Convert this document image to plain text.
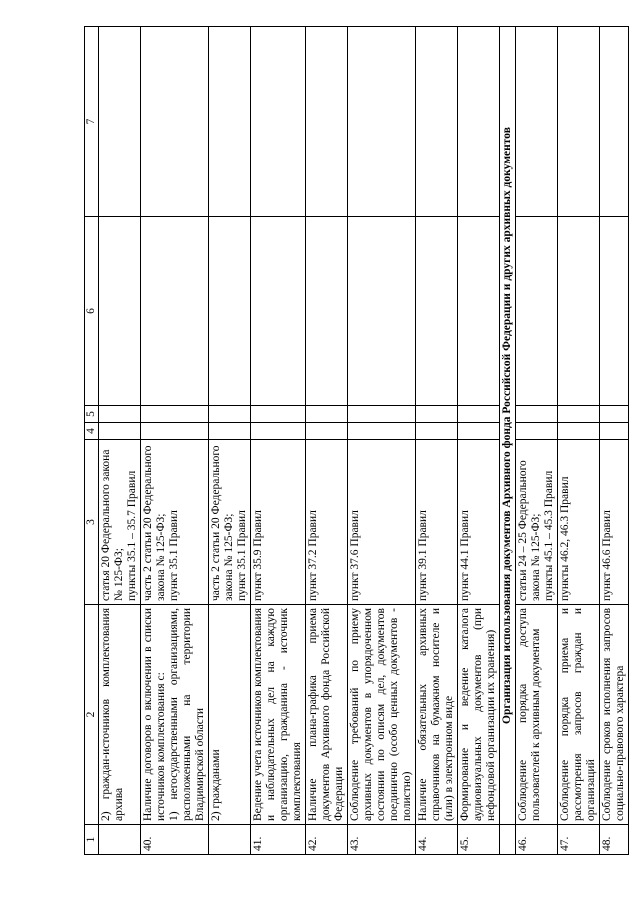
1	2	3	4	5	6	7

	2) граждан-источников комплектования архива	статья 20 Федерального закона № 125-ФЗ; пункты 35.1 – 35.7 Правил				

40.	Наличие договоров о включении в списки источников комплектования с: 1) негосударственными организациями, расположенными на территории Владимирской области	часть 2 статьи 20 Федерального закона № 125-ФЗ; пункт 35.1 Правил				

	2) гражданами	часть 2 статьи 20 Федерального закона № 125-ФЗ; пункт 35.1 Правил				

41.	Ведение учета источников комплектования и наблюдательных дел на каждую организацию, гражданина - источник комплектования	пункт 35.9 Правил				

42.	Наличие плана-графика приема документов Архивного фонда Российской Федерации	пункт 37.2 Правил				

43.	Соблюдение требований по приему архивных документов в упорядоченном состоянии по описям дел, документов поединично (особо ценных документов - полистно)	пункт 37.6 Правил				

44.	Наличие обязательных архивных справочников на бумажном носителе и (или) в электронном виде	пункт 39.1 Правил				

45.	Формирование и ведение каталога аудиовизуальных документов (при нефондовой организации их хранения)	пункт 44.1 Правил				

	Организация использования документов Архивного фонда Российской Федерации и других архивных документов					
46.	Соблюдение порядка доступа пользователей к архивным документам	статьи 24 – 25 Федерального закона № 125-ФЗ; пункты 45.1 – 45.3 Правил				

47.	Соблюдение порядка приема и рассмотрения запросов граждан и организаций	пункты 46.2, 46.3 Правил				

48.	Соблюдение сроков исполнения запросов социально-правового характера	пункт 46.6 Правил				
